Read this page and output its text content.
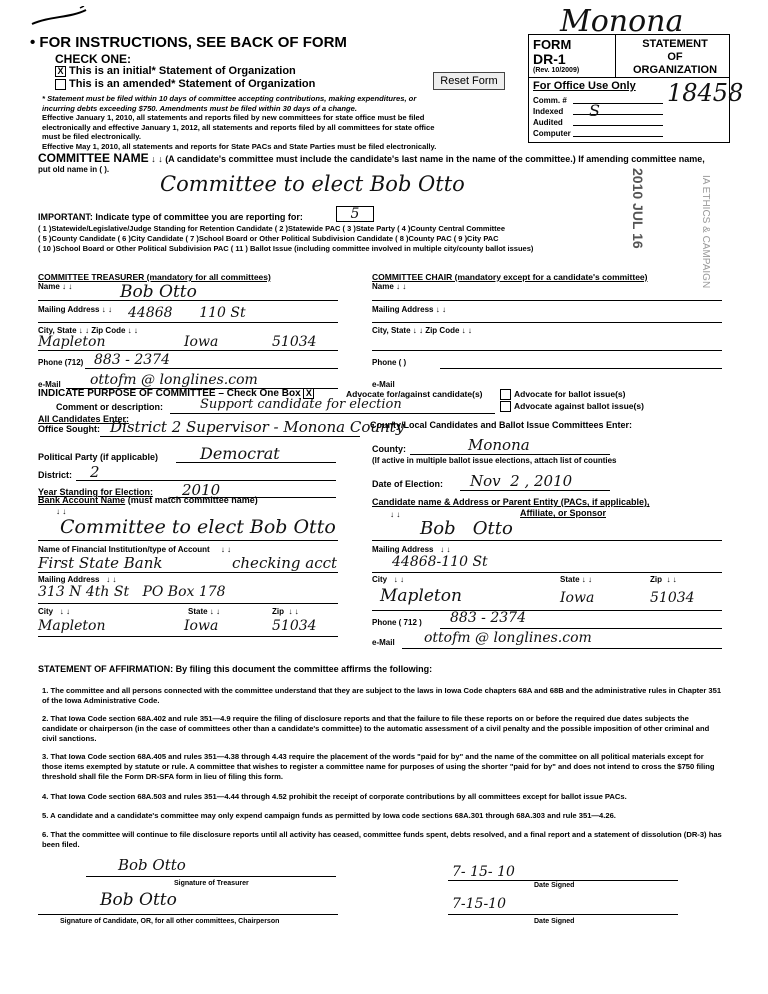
Monona
• FOR INSTRUCTIONS, SEE BACK OF FORM
CHECK ONE:
X This is an initial* Statement of Organization
This is an amended* Statement of Organization	Reset Form
* Statement must be filed within 10 days of committee accepting contributions, making expenditures, or
incurring debts exceeding $750. Amendments must be filed within 30 days of a change.
Effective January 1, 2010, all statements and reports filed by new committees for state office must be filed
electronically and effective January 1, 2012, all statements and reports filed by all committees for state office
must be filed electronically.
Effective May 1, 2010, all statements and reports for State PACs and State Parties must be filed electronically.
FORM
DR-1
(Rev. 10/2009)
STATEMENT
OF
ORGANIZATION
For Office Use Only
Comm. #
Indexed
Audited
Computer
18458
S
COMMITTEE NAME ↓ ↓ (A candidate's committee must include the candidate's last name in the name of the committee.) If amending committee name,
put old name in ( ).
Committee to elect Bob Otto	2010 JUL 16	IA ETHICS & CAMPAIGN
IMPORTANT: Indicate type of committee you are reporting for:	5
( 1 )Statewide/Legislative/Judge Standing for Retention Candidate ( 2 )Statewide PAC ( 3 )State Party ( 4 )County Central Committee
( 5 )County Candidate ( 6 )City Candidate ( 7 )School Board or Other Political Subdivision Candidate ( 8 )County PAC ( 9 )City PAC
( 10 )School Board or Other Political Subdivision PAC ( 11 ) Ballot Issue (including committee involved in multiple city/county ballot issues)
COMMITTEE TREASURER (mandatory for all committees)	COMMITTEE CHAIR (mandatory except for a candidate's committee)
Name ↓ ↓	Bob Otto	Name ↓ ↓
Mailing Address ↓ ↓ 44868      110 St	Mailing Address ↓ ↓
City, State ↓ ↓ Zip Code ↓ ↓
Mapleton	Iowa	51034
City, State ↓ ↓ Zip Code ↓ ↓
Phone (712) 883 - 2374	Phone ( )
e-Mail ottofm @ longlines.com	e-Mail
INDICATE PURPOSE OF COMMITTEE – Check One Box X	Advocate for/against candidate(s)	Advocate for ballot issue(s)
Advocate against ballot issue(s)
Comment or description:	Support candidate for election
All Candidates Enter:
Office Sought: District 2 Supervisor - Monona County
County/Local Candidates and Ballot Issue Committees Enter:
Political Party (if applicable)	Democrat	County:	Monona
(If active in multiple ballot issue elections, attach list of counties
District: 2
Date of Election: Nov  2 , 2010
Year Standing for Election: 2010
Bank Account Name (must match committee name)
↓ ↓
Committee to elect Bob Otto
Name of Financial Institution/type of Account     ↓ ↓
First State Bank	checking acct
Mailing Address   ↓ ↓
313 N 4th St   PO Box 178
City   ↓ ↓	State ↓ ↓	Zip  ↓ ↓
Mapleton	Iowa	51034
Candidate name & Address or Parent Entity (PACs, if applicable),
Affiliate, or Sponsor
↓ ↓
Bob   Otto
Mailing Address   ↓ ↓
44868-110 St
City   ↓ ↓	State ↓ ↓	Zip  ↓ ↓
Mapleton	Iowa	51034
Phone ( 712 ) 883 - 2374
e-Mail ottofm @ longlines.com
STATEMENT OF AFFIRMATION: By filing this document the committee affirms the following:
1. The committee and all persons connected with the committee understand that they are subject to the laws in Iowa Code chapters 68A and 68B and the administrative rules in Chapter 351 of the Iowa Administrative Code.
2. That Iowa Code section 68A.402 and rule 351—4.9 require the filing of disclosure reports and that the failure to file these reports on or before the required due dates subjects the candidate or chairperson (in the case of committees other than a candidate's committee) to the automatic assessment of a civil penalty and the possible imposition of other criminal and civil sanctions.
3. That Iowa Code section 68A.405 and rules 351—4.38 through 4.43 require the placement of the words "paid for by" and the name of the committee on all political materials except for those items exempted by statute or rule. A committee that wishes to register a committee name for purposes of using the shorter "paid for by" and does not intend to cross the $750 filing threshold shall file the Form DR-SFA form in lieu of filing this form.
4. That Iowa Code section 68A.503 and rules 351—4.44 through 4.52 prohibit the receipt of corporate contributions by all committees except for ballot issue PACs.
5. A candidate and a candidate's committee may only expend campaign funds as permitted by Iowa code sections 68A.301 through 68A.303 and rule 351—4.26.
6. That the committee will continue to file disclosure reports until all activity has ceased, committee funds spent, debts resolved, and a final report and a statement of dissolution (DR-3) has been filed.
Bob Otto
Signature of Treasurer
7- 15- 10
Date Signed
Bob Otto
Signature of Candidate, OR, for all other committees, Chairperson
7-15-10
Date Signed
